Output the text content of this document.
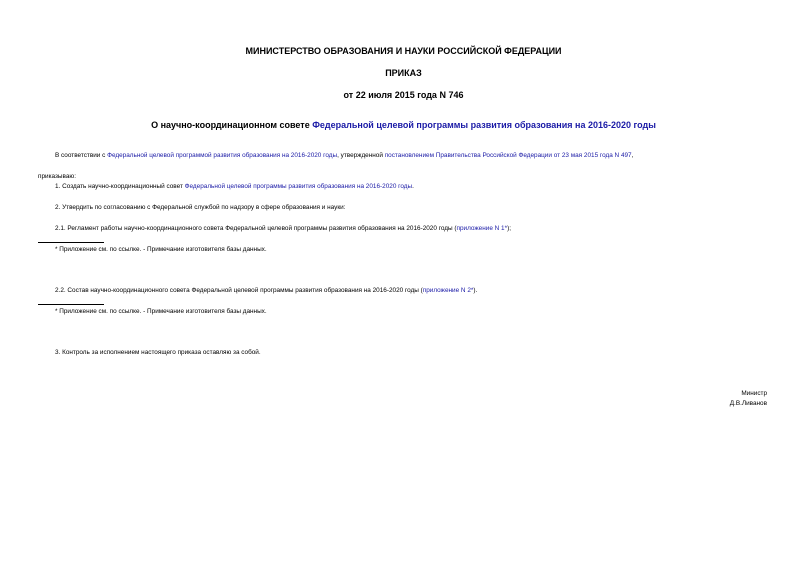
МИНИСТЕРСТВО ОБРАЗОВАНИЯ И НАУКИ РОССИЙСКОЙ ФЕДЕРАЦИИ
ПРИКАЗ
от 22 июля 2015 года N 746
О научно-координационном совете Федеральной целевой программы развития образования на 2016-2020 годы
В соответствии с Федеральной целевой программой развития образования на 2016-2020 годы, утвержденной постановлением Правительства Российской Федерации от 23 мая 2015 года N 497,
приказываю:
1. Создать научно-координационный совет Федеральной целевой программы развития образования на 2016-2020 годы.
2. Утвердить по согласованию с Федеральной службой по надзору в сфере образования и науки:
2.1. Регламент работы научно-координационного совета Федеральной целевой программы развития образования на 2016-2020 годы (приложение N 1*);
* Приложение см. по ссылке. - Примечание изготовителя базы данных.
2.2. Состав научно-координационного совета Федеральной целевой программы развития образования на 2016-2020 годы (приложение N 2*).
* Приложение см. по ссылке. - Примечание изготовителя базы данных.
3. Контроль за исполнением настоящего приказа оставляю за собой.
Министр
Д.В.Ливанов
